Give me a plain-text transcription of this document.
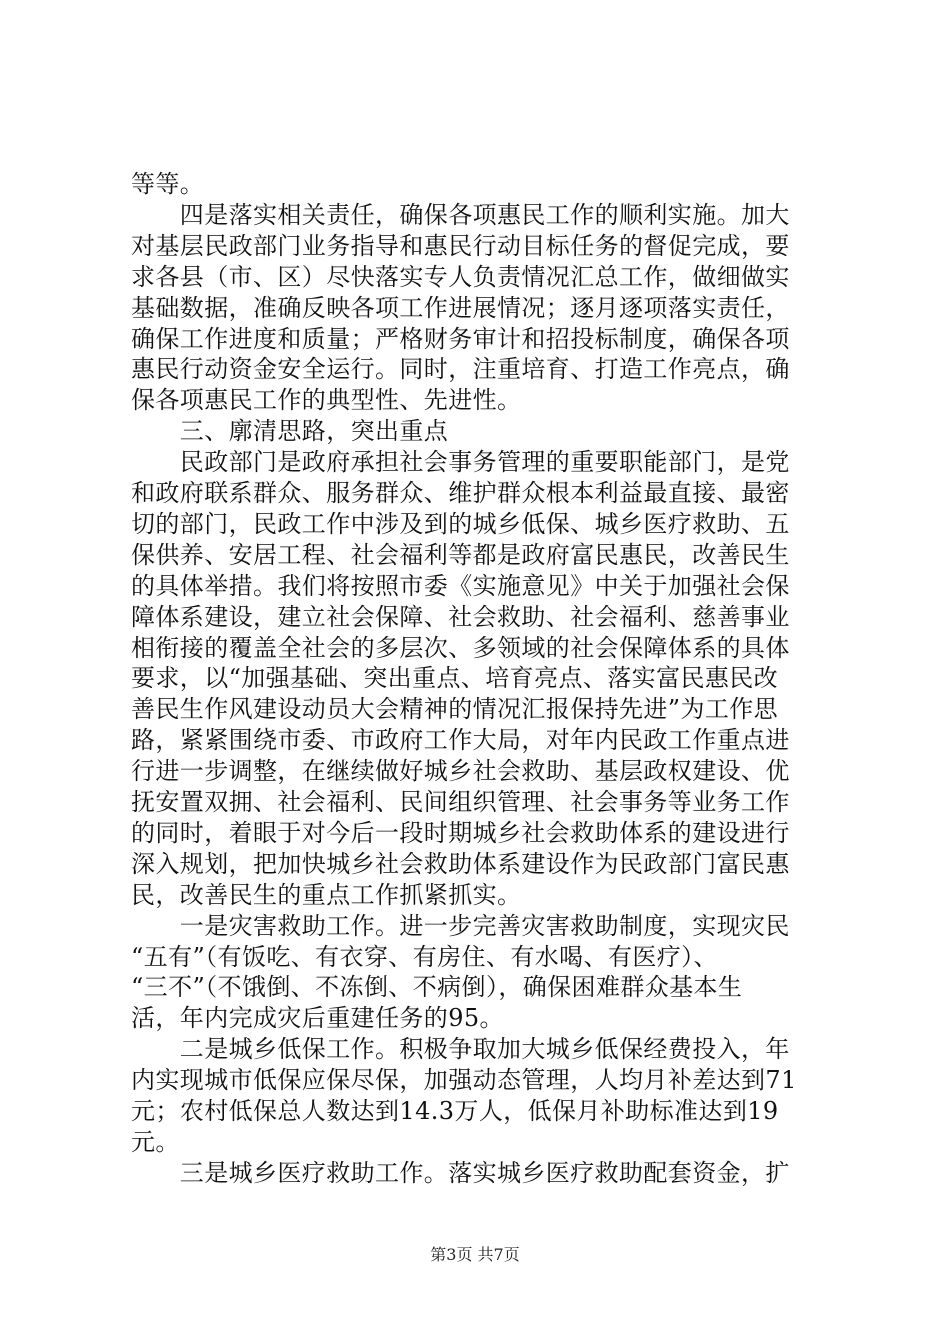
等等。
　　四是落实相关责任，确保各项惠民工作的顺利实施。加大
对基层民政部门业务指导和惠民行动目标任务的督促完成，要
求各县（市、区）尽快落实专人负责情况汇总工作，做细做实
基础数据，准确反映各项工作进展情况；逐月逐项落实责任，
确保工作进度和质量；严格财务审计和招投标制度，确保各项
惠民行动资金安全运行。同时，注重培育、打造工作亮点，确
保各项惠民工作的典型性、先进性。
　　三、廓清思路，突出重点
　　民政部门是政府承担社会事务管理的重要职能部门，是党
和政府联系群众、服务群众、维护群众根本利益最直接、最密
切的部门，民政工作中涉及到的城乡低保、城乡医疗救助、五
保供养、安居工程、社会福利等都是政府富民惠民，改善民生
的具体举措。我们将按照市委《实施意见》中关于加强社会保
障体系建设，建立社会保障、社会救助、社会福利、慈善事业
相衔接的覆盖全社会的多层次、多领域的社会保障体系的具体
要求，以“加强基础、突出重点、培育亮点、落实富民惠民改
善民生作风建设动员大会精神的情况汇报保持先进”为工作思
路，紧紧围绕市委、市政府工作大局，对年内民政工作重点进
行进一步调整，在继续做好城乡社会救助、基层政权建设、优
抚安置双拥、社会福利、民间组织管理、社会事务等业务工作
的同时，着眼于对今后一段时期城乡社会救助体系的建设进行
深入规划，把加快城乡社会救助体系建设作为民政部门富民惠
民，改善民生的重点工作抓紧抓实。
　　一是灾害救助工作。进一步完善灾害救助制度，实现灾民
“五有”（有饭吃、有衣穿、有房住、有水喝、有医疗）、
“三不”（不饿倒、不冻倒、不病倒），确保困难群众基本生
活，年内完成灾后重建任务的95。
　　二是城乡低保工作。积极争取加大城乡低保经费投入，年
内实现城市低保应保尽保，加强动态管理，人均月补差达到71
元；农村低保总人数达到14.3万人，低保月补助标准达到19
元。
　　三是城乡医疗救助工作。落实城乡医疗救助配套资金，扩
第3页 共7页
